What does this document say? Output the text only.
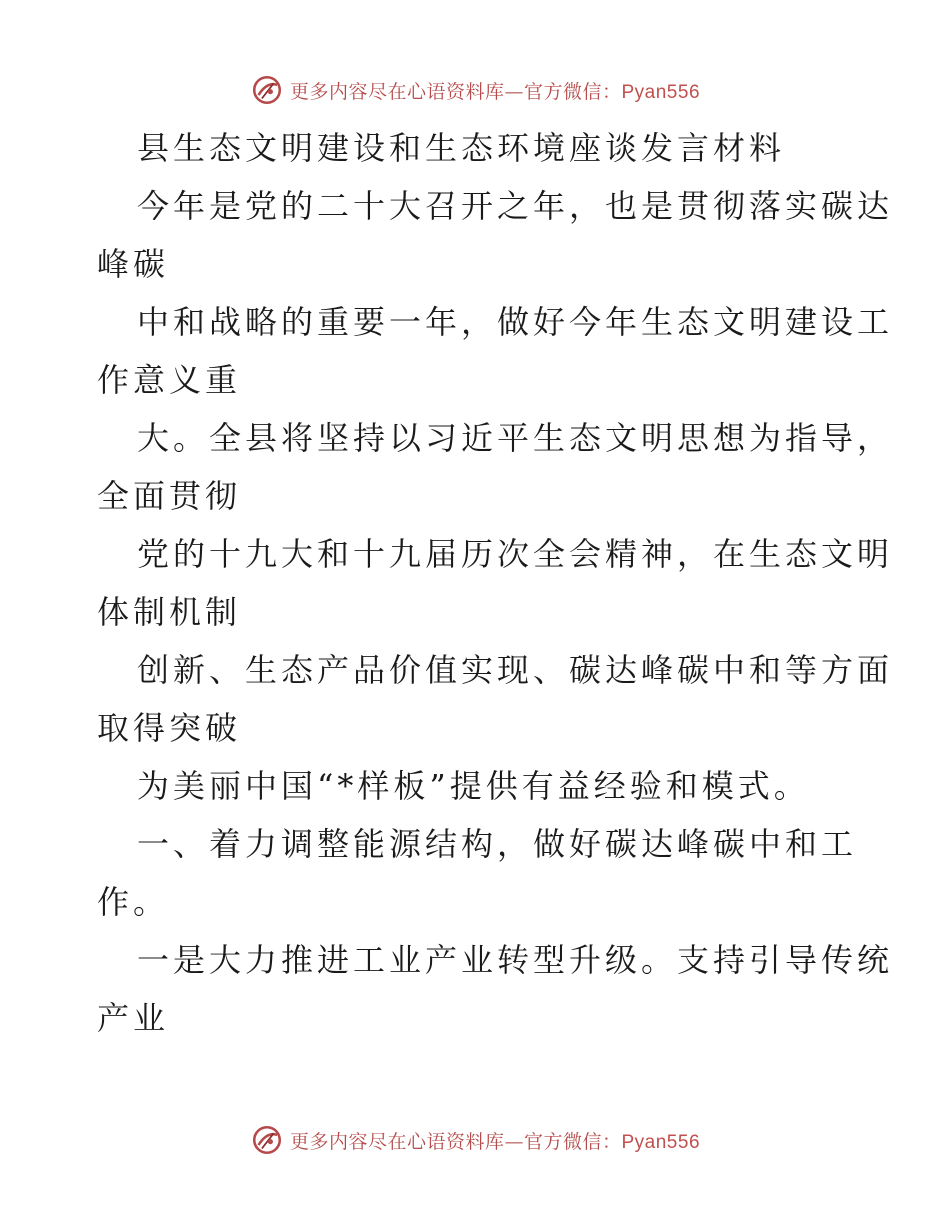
更多内容尽在心语资料库—官方微信：Pyan556
县生态文明建设和生态环境座谈发言材料
今年是党的二十大召开之年，也是贯彻落实碳达
峰碳
中和战略的重要一年，做好今年生态文明建设工
作意义重
大。全县将坚持以习近平生态文明思想为指导，
全面贯彻
党的十九大和十九届历次全会精神，在生态文明
体制机制
创新、生态产品价值实现、碳达峰碳中和等方面
取得突破
为美丽中国“*样板”提供有益经验和模式。
一、着力调整能源结构，做好碳达峰碳中和工
作。
一是大力推进工业产业转型升级。支持引导传统
产业
更多内容尽在心语资料库—官方微信：Pyan556
